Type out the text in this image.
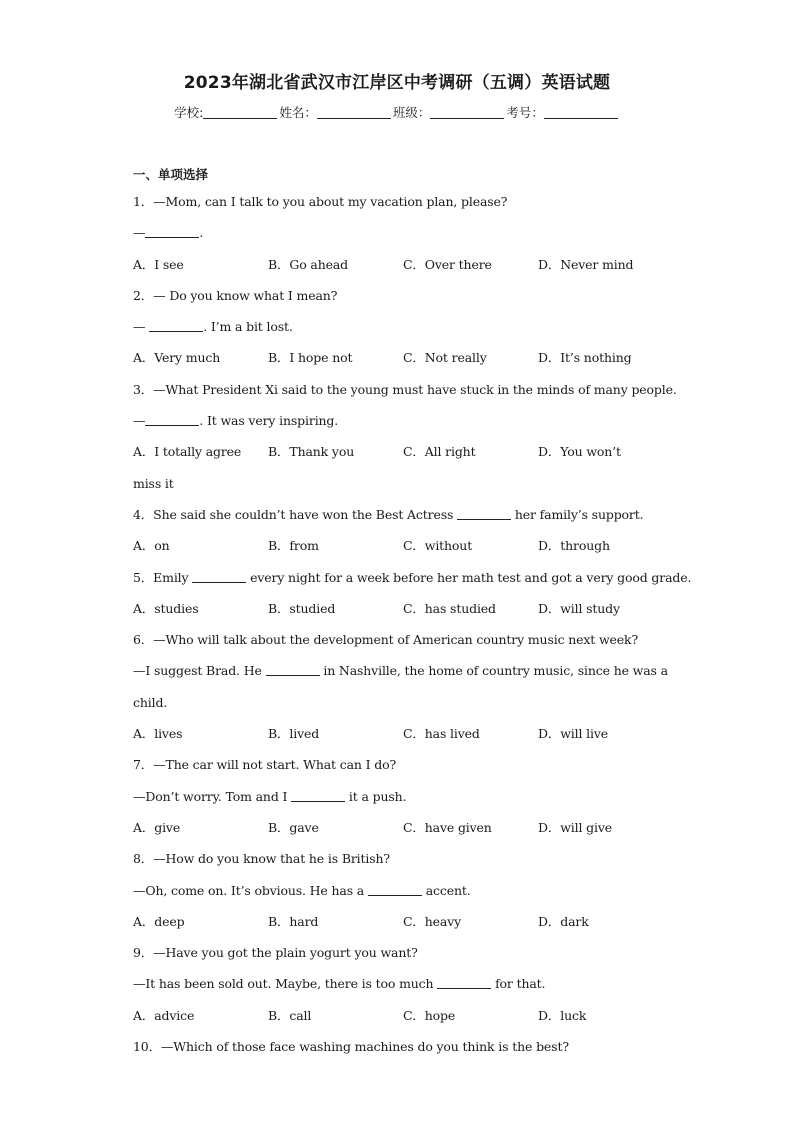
2023年湖北省武汉市江岸区中考调研（五调）英语试题
学校:	姓名：	班级：	考号：
一、单项选择
1．—Mom, can I talk to you about my vacation plan, please?
—	.
A．I see	B．Go ahead	C．Over there	D．Never mind
2．— Do you know what I mean?
—	. I’m a bit lost.
A．Very much	B．I hope not	C．Not really	D．It’s nothing
3．—What President Xi said to the young must have stuck in the minds of many people.
—	. It was very inspiring.
A．I totally agree	B．Thank you	C．All right	D．You won’t
miss it
4．She said she couldn’t have won the Best Actress	her family’s support.
A．on	B．from	C．without	D．through
5．Emily	every night for a week before her math test and got a very good grade.
A．studies	B．studied	C．has studied	D．will study
6．—Who will talk about the development of American country music next week?
—I suggest Brad. He	in Nashville, the home of country music, since he was a
child.
A．lives	B．lived	C．has lived	D．will live
7．—The car will not start. What can I do?
—Don’t worry. Tom and I	it a push.
A．give	B．gave	C．have given	D．will give
8．—How do you know that he is British?
—Oh, come on. It’s obvious. He has a	accent.
A．deep	B．hard	C．heavy	D．dark
9．—Have you got the plain yogurt you want?
—It has been sold out. Maybe, there is too much	for that.
A．advice	B．call	C．hope	D．luck
10．—Which of those face washing machines do you think is the best?
